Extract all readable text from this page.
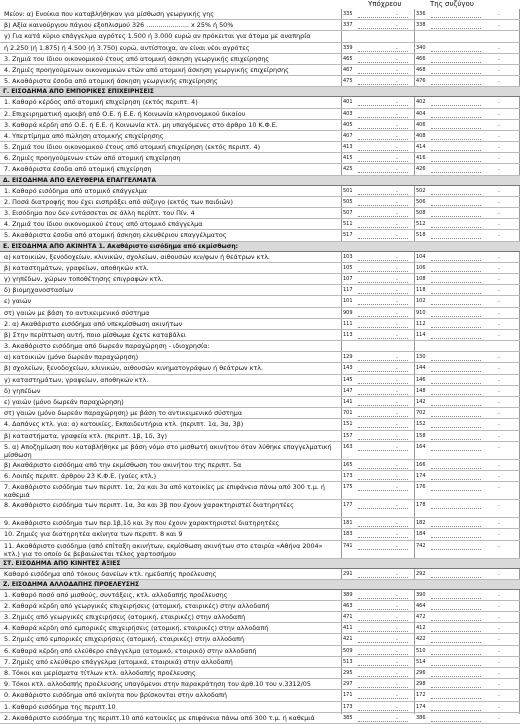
Υπόχρεου	Της συζύγου
Μείον: α) Ενοίκια που καταβλήθηκαν για μίσθωση γεωργικής γης	335	336
.	.
β) Αξία καινούργιου πάγιου εξοπλισμού 326 ..................... x 25% ή 50%	337	338
.	.
γ) Για κατά κύριο επάγγελμα αγρότες 1.500 ή 3.000 ευρώ αν πρόκειται για άτομα με αναπηρία
ή 2.250 (ή 1.875) ή 4.500 (ή 3.750) ευρώ, αντίστοιχα, αν είναι νέοι αγρότες	339	340
.	.
3. Ζημιά του ίδιου οικονομικού έτους από ατομική άσκηση γεωργικής επιχείρησης	465	466
.	.
4. Ζημιές προηγούμενων οικονομικών ετών από ατομική άσκηση γεωργικής επιχείρησης	467	468
.	.
5. Ακαθάριστα έσοδα από ατομική άσκηση γεωργικής επιχείρησης	475	476
.	.
Γ. ΕΙΣΟΔΗΜΑ ΑΠΟ ΕΜΠΟΡΙΚΕΣ ΕΠΙΧΕΙΡΗΣΕΙΣ
1. Καθαρό κέρδος από ατομική επιχείρηση (εκτός περιπτ. 4)	401	402
.	.
2. Επιχειρηματική αμοιβή από Ο.Ε. ή Ε.Ε. ή Κοινωνία κληρονομικού δικαίου	403	404
.	.
3. Καθαρά κέρδη από Ο.Ε. ή Ε.Ε. ή Κοινωνία κτλ. μη υπαγόμενες στο άρθρο 10 Κ.Φ.Ε.	405	406
.	.
4. Υπερτίμημα από πώληση ατομικής επιχείρησης	407	408
.	.
5. Ζημιά του ίδιου οικονομικού έτους από ατομική επιχείρηση (εκτός περιπτ. 4)	413	414
.	.
6. Ζημιές προηγούμενων ετών από ατομική επιχείρηση	415	416
.	.
7. Ακαθάριστα έσοδα από ατομική επιχείρηση	425	426
.	.
Δ. ΕΙΣΟΔΗΜΑ ΑΠΟ ΕΛΕΥΘΕΡΙΑ ΕΠΑΓΓΕΛΜΑΤΑ
1. Καθαρό εισόδημα από ατομικό επάγγελμα	501	502
.	.
2. Ποσά διατροφής που έχει εισπράξει από σύζυγο (εκτός των παιδιών)	505	506
.	.
3. Εισόδημα που δεν εντάσσεται σε άλλη περίπτ. του Πίν. 4	507	508
.	.
4. Ζημιά του ίδιου οικονομικού έτους από ατομικό επάγγελμα	511	512
.	.
5. Ακαθάριστα έσοδα από ατομική άσκηση ελευθέριου επαγγέλματος	517	518
.	.
Ε. ΕΙΣΟΔΗΜΑ ΑΠΟ ΑΚΙΝΗΤΑ 1. Ακαθάριστο εισόδημα από εκμίσθωση:
α) κατοικιών, ξενοδοχείων, κλινικών, σχολείων, αιθουσών κιν/φων ή θεάτρων κτλ.	103	104
.	.
β) καταστημάτων, γραφείων, αποθηκών κτλ.	105	106
.	.
γ) γηπέδων, χώρων τοποθέτησης επιγραφών κτλ.	107	108
.	.
δ) βιομηχανοστασίων	117	118
.	.
ε) γαιών	101	102
.	.
στ) γαιών με βάση το αντικειμενικό σύστημα	909	910
.	.
2. α) Ακαθάριστο εισόδημα από υπεκμίσθωση ακινήτων	111	112
.	.
β) Στην περίπτωση αυτή, ποιο μίσθωμα έχετε καταβάλει	113	114
.	.
3. Ακαθάριστο εισόδημα από δωρεάν παραχώρηση - ιδιοχρησία:
α) κατοικιών (μόνο δωρεάν παραχώρηση)	129	130
.	.
β) σχολείων, ξενοδοχείων, κλινικών, αιθουσών κινηματογράφων ή θεάτρων κτλ.	143	144
.	.
γ) καταστημάτων, γραφείων, αποθηκών κτλ.	145	146
.	.
δ) γηπέδων	147	148
.	.
ε) γαιών (μόνο δωρεάν παραχώρηση)	141	142
.	.
στ) γαιών (μόνο δωρεάν παραχώρηση) με βάση το αντικειμενικό σύστημα	701	702
.	.
4. Δαπάνες κτλ. για: α) κατοικίες, Εκπαιδευτήρια κτλ. (περιπτ. 1α, 3α, 3β)	151	152
.	.
β) καταστήματα, γραφεία κτλ. (περιπτ. 1β, 1δ, 3γ)	157	158
.	.
5. α) Αποζημίωση που καταβλήθηκε με βάση νόμο στο μισθωτή ακινήτου όταν λύθηκε επαγγελματική μίσθωση
163	164
.	.
β) Ακαθάριστο εισόδημα από την εκμίσθωση του ακινήτου της περιπτ. 5α	165	166
.	.
6. Λοιπές περιπτ. άρθρου 23 Κ.Φ.Ε. (γαίες κτλ.)	173	174
.	.
7. Ακαθάριστο εισόδημα των περιπτ. 1α, 2α και 3α από κατοικίες με επιφάνεια πάνω από 300 τ.μ. ή καθεμιά
175	176
.	.
8. Ακαθάριστο εισόδημα των περιπτ. 1α, 3α και 3β που έχουν χαρακτηριστεί διατηρητέες	177	178
.	.
9. Ακαθάριστο εισόδημα των περ.1β,1δ και 3γ που έχουν χαρακτηριστεί διατηρητέες	181	182
.	.
10. Ζημιές για διατηρητέα ακίνητα των περιπτ. 8 και 9	183	184
.	.
11. Ακαθάριστο εισόδημα (από επίταξη ακινήτων, εκμίσθωση ακινήτων στο εταιρία «Αθήνα 2004» κτλ.) για το οποίο δε βεβαιώνεται τέλος χαρτοσήμου
741	742
.	.
ΣΤ. ΕΙΣΟΔΗΜΑ ΑΠΟ ΚΙΝΗΤΕΣ ΑΞΙΕΣ
Καθαρό εισόδημα από τόκους δανείων κτλ. ημεδαπής προέλευσης	291	292
.	.
Ζ. ΕΙΣΟΔΗΜΑ ΑΛΛΟΔΑΠΗΣ ΠΡΟΕΛΕΥΣΗΣ
1. Καθαρό ποσό από μισθούς, συντάξεις, κτλ. αλλοδαπής προέλευσης	389	390
.	.
2. Καθαρά κέρδη από γεωργικές επιχειρήσεις (ατομική, εταιρικές) στην αλλοδαπή	463	464
.	.
3. Ζημιές από γεωργικές επιχειρήσεις (ατομική, εταιρικές) στην αλλοδαπή	471	472
.	.
4. Καθαρά κέρδη από εμπορικές επιχειρήσεις (ατομική, εταιρικές) στην αλλοδαπή	411	412
.	.
5. Ζημιές από εμπορικές επιχειρήσεις (ατομική, εταιρικές) στην αλλοδαπή	421	422
.	.
6. Καθαρά κέρδη από ελεύθερο επάγγελμα (ατομικό, εταιρικό) στην αλλοδαπή	509	510
.	.
7. Ζημιές από ελεύθερο επάγγελμα (ατομικά, εταιρικά) στην αλλοδαπή	513	514
.	.
8. Τόκοι και μερίσματα τίτλων κτλ. αλλοδαπής προέλευσης	295	296
.	.
9. Τόκοι κτλ. αλλοδαπής προέλευσης υπαγόμενοι στην παρακράτηση του άρθ.10 του ν.3312/05	297	298
.	.
0. Ακαθάριστο εισόδημα από ακίνητα που βρίσκονται στην αλλοδαπή	171	172
.	.
1. Καθαρό εισόδημα της περιπτ.10	173	174
.	.
2. Ακαθάριστο εισόδημα της περιπτ.10 από κατοικίες με επιφάνεια πάνω από 300 τ.μ. ή καθεμιά	385	386
.	.
